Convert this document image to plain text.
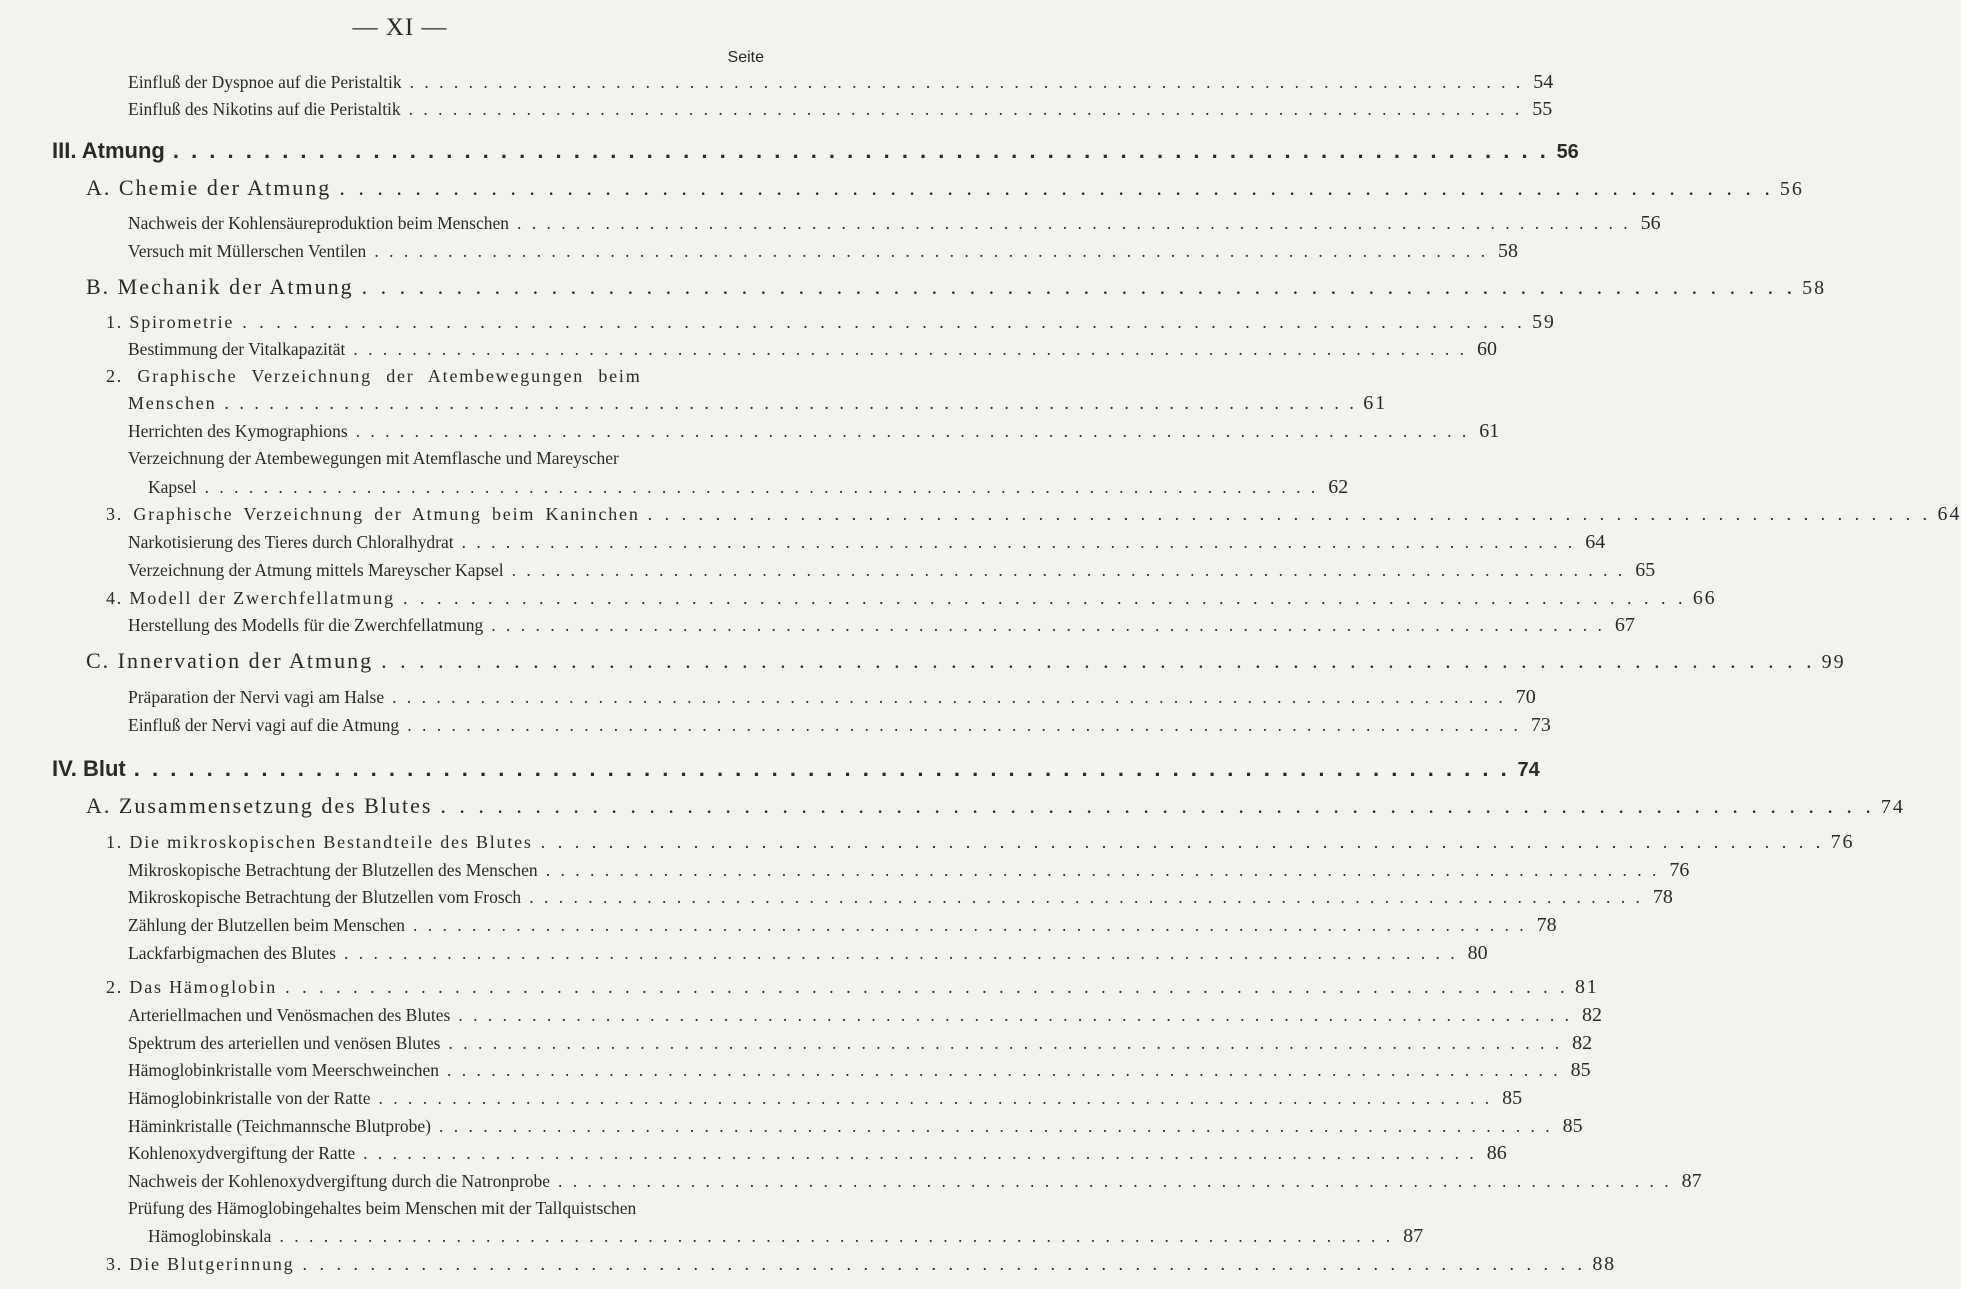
— XI —
Seite
Einfluß der Dyspnoe auf die Peristaltik . . .	54
Einfluß des Nikotins auf die Peristaltik . . .	55
III. Atmung . . .	56
A. Chemie der Atmung . . .	56
Nachweis der Kohlensäureproduktion beim Menschen . . .	56
Versuch mit Müllerschen Ventilen . . .	58
B. Mechanik der Atmung . . .	58
1. Spirometrie . . .	59
Bestimmung der Vitalkapazität . . .	60
2. Graphische Verzeichnung der Atembewegungen beim
Menschen . . .	61
Herrichten des Kymographions . . .	61
Verzeichnung der Atembewegungen mit Atemflasche und Mareyscher
Kapsel . . .	62
3. Graphische Verzeichnung der Atmung beim Kaninchen . . .	64
Narkotisierung des Tieres durch Chloralhydrat . . .	64
Verzeichnung der Atmung mittels Mareyscher Kapsel . . .	65
4. Modell der Zwerchfellatmung . . .	66
Herstellung des Modells für die Zwerchfellatmung . . .	67
C. Innervation der Atmung . . .	99
Präparation der Nervi vagi am Halse . . .	70
Einfluß der Nervi vagi auf die Atmung . . .	73
IV. Blut . . .	74
A. Zusammensetzung des Blutes . . .	74
1. Die mikroskopischen Bestandteile des Blutes . . .	76
Mikroskopische Betrachtung der Blutzellen des Menschen . . .	76
Mikroskopische Betrachtung der Blutzellen vom Frosch . . .	78
Zählung der Blutzellen beim Menschen . . .	78
Lackfarbigmachen des Blutes . . .	80
2. Das Hämoglobin . . .	81
Arteriellmachen und Venösmachen des Blutes . . .	82
Spektrum des arteriellen und venösen Blutes . . .	82
Hämoglobinkristalle vom Meerschweinchen . . .	85
Hämoglobinkristalle von der Ratte . . .	85
Häminkristalle (Teichmannsche Blutprobe) . . .	85
Kohlenoxydvergiftung der Ratte . . .	86
Nachweis der Kohlenoxydvergiftung durch die Natronprobe . . .	87
Prüfung des Hämoglobingehaltes beim Menschen mit der Tallquistschen
Hämoglobinskala . . .	87
3. Die Blutgerinnung . . .	88
